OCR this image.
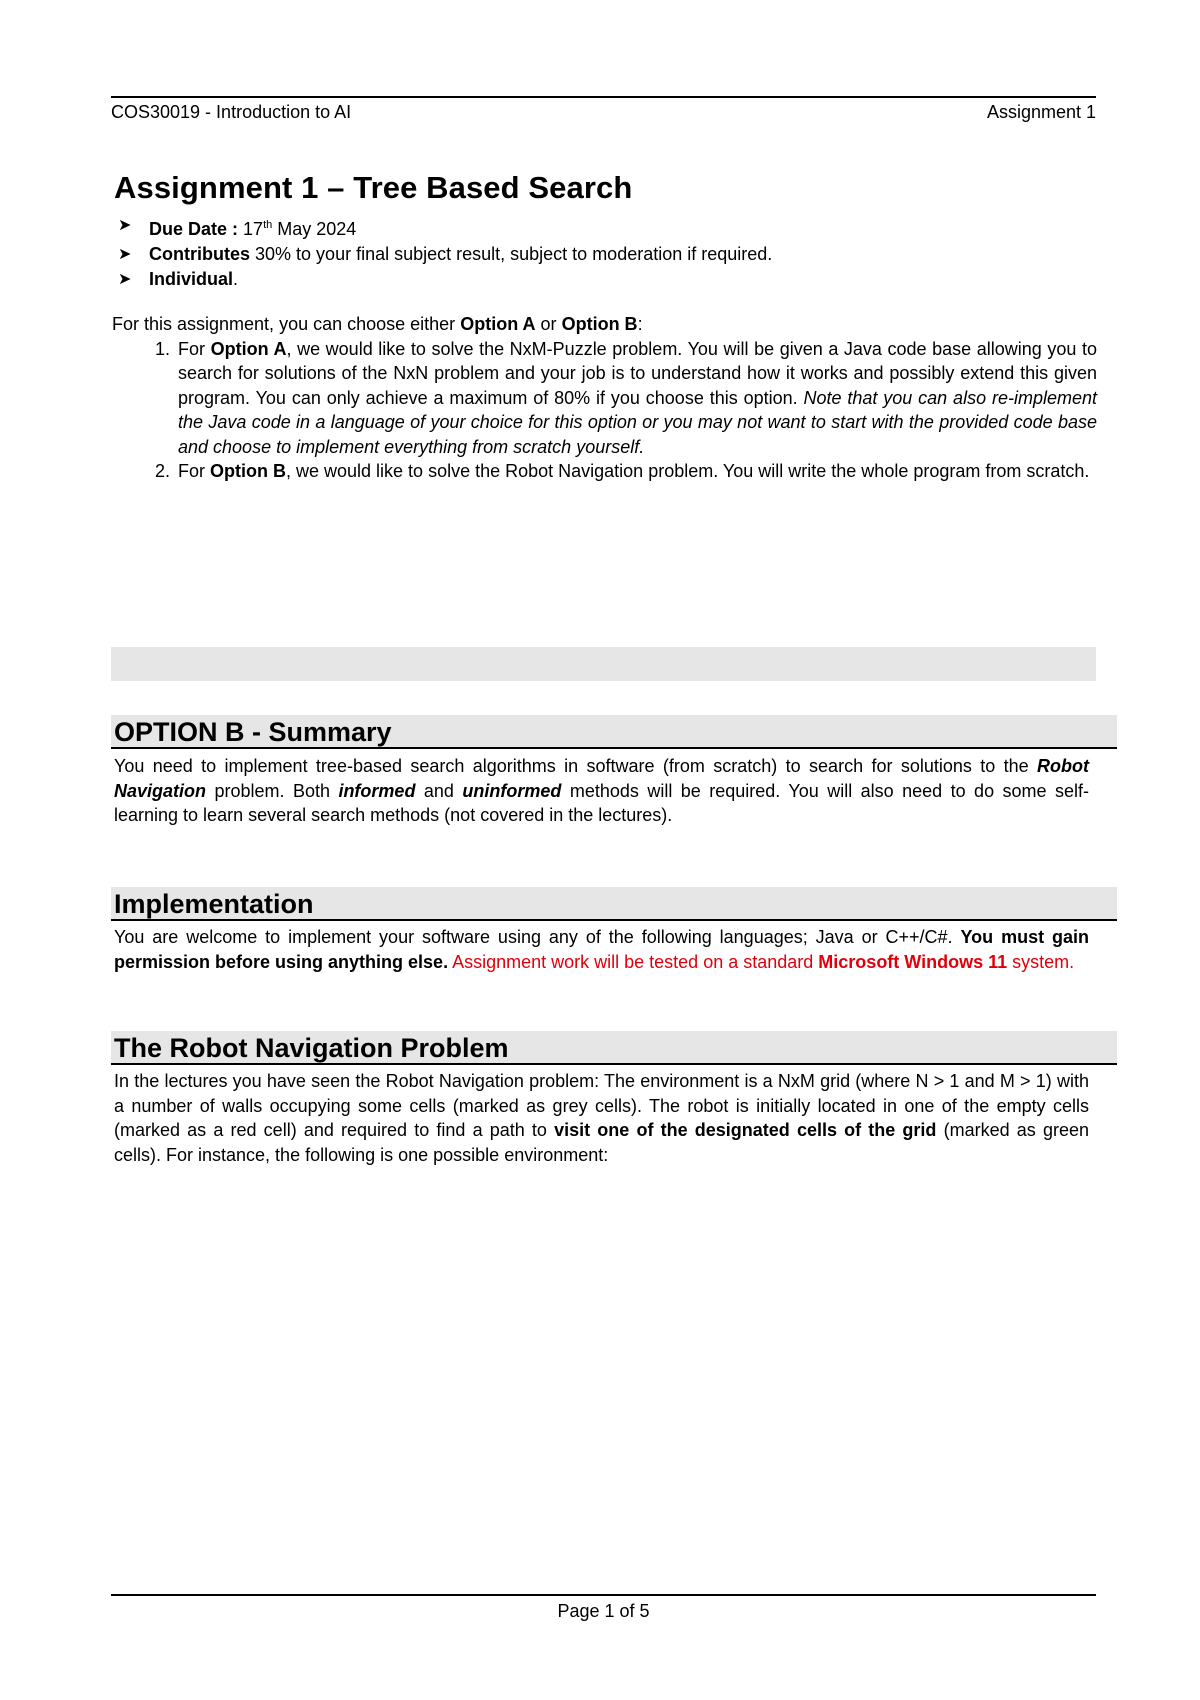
COS30019 - Introduction to AI	Assignment 1
Assignment 1 – Tree Based Search
➤ Due Date : 17th May 2024
➤ Contributes 30% to your final subject result, subject to moderation if required.
➤ Individual.
For this assignment, you can choose either Option A or Option B:
1. For Option A, we would like to solve the NxM-Puzzle problem. You will be given a Java code base allowing you to search for solutions of the NxN problem and your job is to understand how it works and possibly extend this given program. You can only achieve a maximum of 80% if you choose this option. Note that you can also re-implement the Java code in a language of your choice for this option or you may not want to start with the provided code base and choose to implement everything from scratch yourself.
2. For Option B, we would like to solve the Robot Navigation problem. You will write the whole program from scratch.
OPTION B - Summary
You need to implement tree-based search algorithms in software (from scratch) to search for solutions to the Robot Navigation problem. Both informed and uninformed methods will be required. You will also need to do some self-learning to learn several search methods (not covered in the lectures).
Implementation
You are welcome to implement your software using any of the following languages; Java or C++/C#. You must gain permission before using anything else. Assignment work will be tested on a standard Microsoft Windows 11 system.
The Robot Navigation Problem
In the lectures you have seen the Robot Navigation problem: The environment is a NxM grid (where N > 1 and M > 1) with a number of walls occupying some cells (marked as grey cells). The robot is initially located in one of the empty cells (marked as a red cell) and required to find a path to visit one of the designated cells of the grid (marked as green cells). For instance, the following is one possible environment:
Page 1 of 5
